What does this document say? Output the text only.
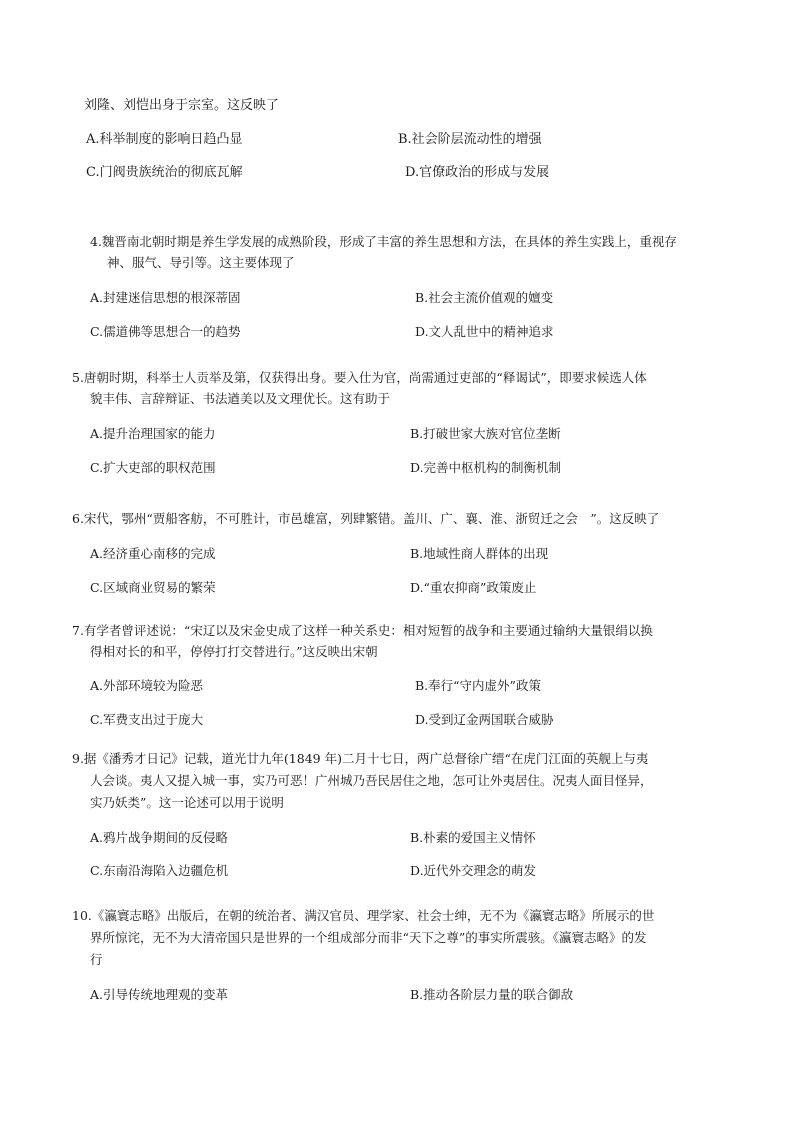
刘隆、刘恺出身于宗室。这反映了
A.科举制度的影响日趋凸显	B.社会阶层流动性的增强
C.门阀贵族统治的彻底瓦解	D.官僚政治的形成与发展
4.魏晋南北朝时期是养生学发展的成熟阶段，形成了丰富的养生思想和方法，在具体的养生实践上，重视存
神、服气、导引等。这主要体现了
A.封建迷信思想的根深蒂固	B.社会主流价值观的嬗变
C.儒道佛等思想合一的趋势	D.文人乱世中的精神追求
5.唐朝时期，科举士人贡举及第，仅获得出身。要入仕为官，尚需通过吏部的“释谒试”，即要求候选人体
貌丰伟、言辞辩证、书法遒美以及文理优长。这有助于
A.提升治理国家的能力	B.打破世家大族对官位垄断
C.扩大吏部的职权范围	D.完善中枢机构的制衡机制
6.宋代，鄂州“贾船客舫，不可胜计，市邑雄富，列肆繁错。盖川、广、襄、淮、浙贸迁之会　”。这反映了
A.经济重心南移的完成	B.地域性商人群体的出现
C.区域商业贸易的繁荣	D.“重农抑商”政策废止
7.有学者曾评述说：“宋辽以及宋金史成了这样一种关系史：相对短暂的战争和主要通过输纳大量银绢以换
得相对长的和平，停停打打交替进行。”这反映出宋朝
A.外部环境较为险恶	B.奉行“守内虚外”政策
C.军费支出过于庞大	D.受到辽金两国联合威胁
9.据《潘秀才日记》记载，道光廿九年(1849 年)二月十七日，两广总督徐广缙“在虎门江面的英舰上与夷
人会谈。夷人又提入城一事，实乃可恶！广州城乃吾民居住之地，怎可让外夷居住。况夷人面目怪异，
实乃妖类”。这一论述可以用于说明
A.鸦片战争期间的反侵略	B.朴素的爱国主义情怀
C.东南沿海陷入边疆危机	D.近代外交理念的萌发
10.《瀛寰志略》出版后，在朝的统治者、满汉官员、理学家、社会士绅，无不为《瀛寰志略》所展示的世
界所惊诧，无不为大清帝国只是世界的一个组成部分而非“天下之尊”的事实所震骇。《瀛寰志略》的发
行
A.引导传统地理观的变革	B.推动各阶层力量的联合御敌
